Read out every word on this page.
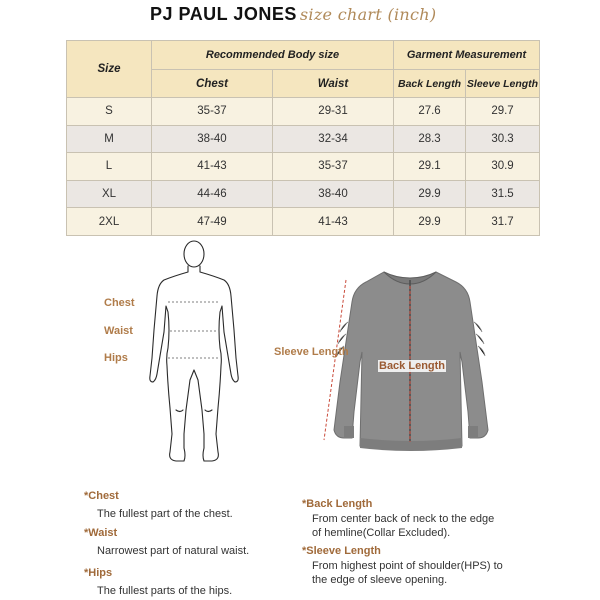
PJ PAUL JONES size chart (inch)
Size	Recommended Body size		Garment Measurement	
	Chest	Waist	Back Length	Sleeve Length
S	35-37	29-31	27.6	29.7
M	38-40	32-34	28.3	30.3
L	41-43	35-37	29.1	30.9
XL	44-46	38-40	29.9	31.5
2XL	47-49	41-43	29.9	31.7
Chest
Waist
Hips	Sleeve Length
Back Length
*Chest
The fullest part of the chest.
*Waist
Narrowest part of natural waist.
*Hips
The fullest parts of the hips.
*Back Length
From center back of neck to the edge
of hemline(Collar Excluded).
*Sleeve Length
From highest point of shoulder(HPS) to
the edge of sleeve opening.
